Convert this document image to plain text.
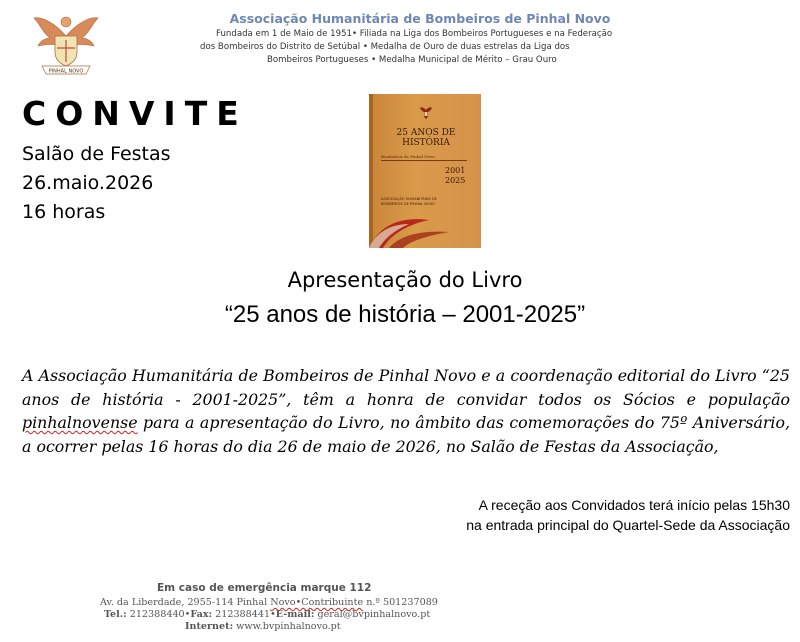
PINHAL NOVO
Associação Humanitária de Bombeiros de Pinhal Novo
Fundada em 1 de Maio de 1951• Filiada na Liga dos Bombeiros Portugueses e na Federação
dos Bombeiros do Distrito de Setúbal • Medalha de Ouro de duas estrelas da Liga dos
Bombeiros Portugueses • Medalha Municipal de Mérito – Grau Ouro
CONVITE
Salão de Festas
26.maio.2026
16 horas
25 ANOS DE
HISTÓRIA
Bombeiros de Pinhal Novo
2001
2025
ASSOCIAÇÃO HUMANITÁRIA DE
BOMBEIROS DE PINHAL NOVO
Apresentação do Livro
“25 anos de história – 2001-2025”
A Associação Humanitária de Bombeiros de Pinhal Novo e a coordenação editorial do Livro “25 anos de história - 2001-2025”, têm a honra de convidar todos os Sócios e população pinhalnovense para a apresentação do Livro, no âmbito das comemorações do 75º Aniversário, a ocorrer pelas 16 horas do dia 26 de maio de 2026, no Salão de Festas da Associação,
A receção aos Convidados terá início pelas 15h30
na entrada principal do Quartel-Sede da Associação
Em caso de emergência marque 112
Av. da Liberdade, 2955-114 Pinhal Novo•Contribuinte n.º 501237089
Tel.: 212388440•Fax: 212388441•E-mail: geral@bvpinhalnovo.pt
Internet: www.bvpinhalnovo.pt
